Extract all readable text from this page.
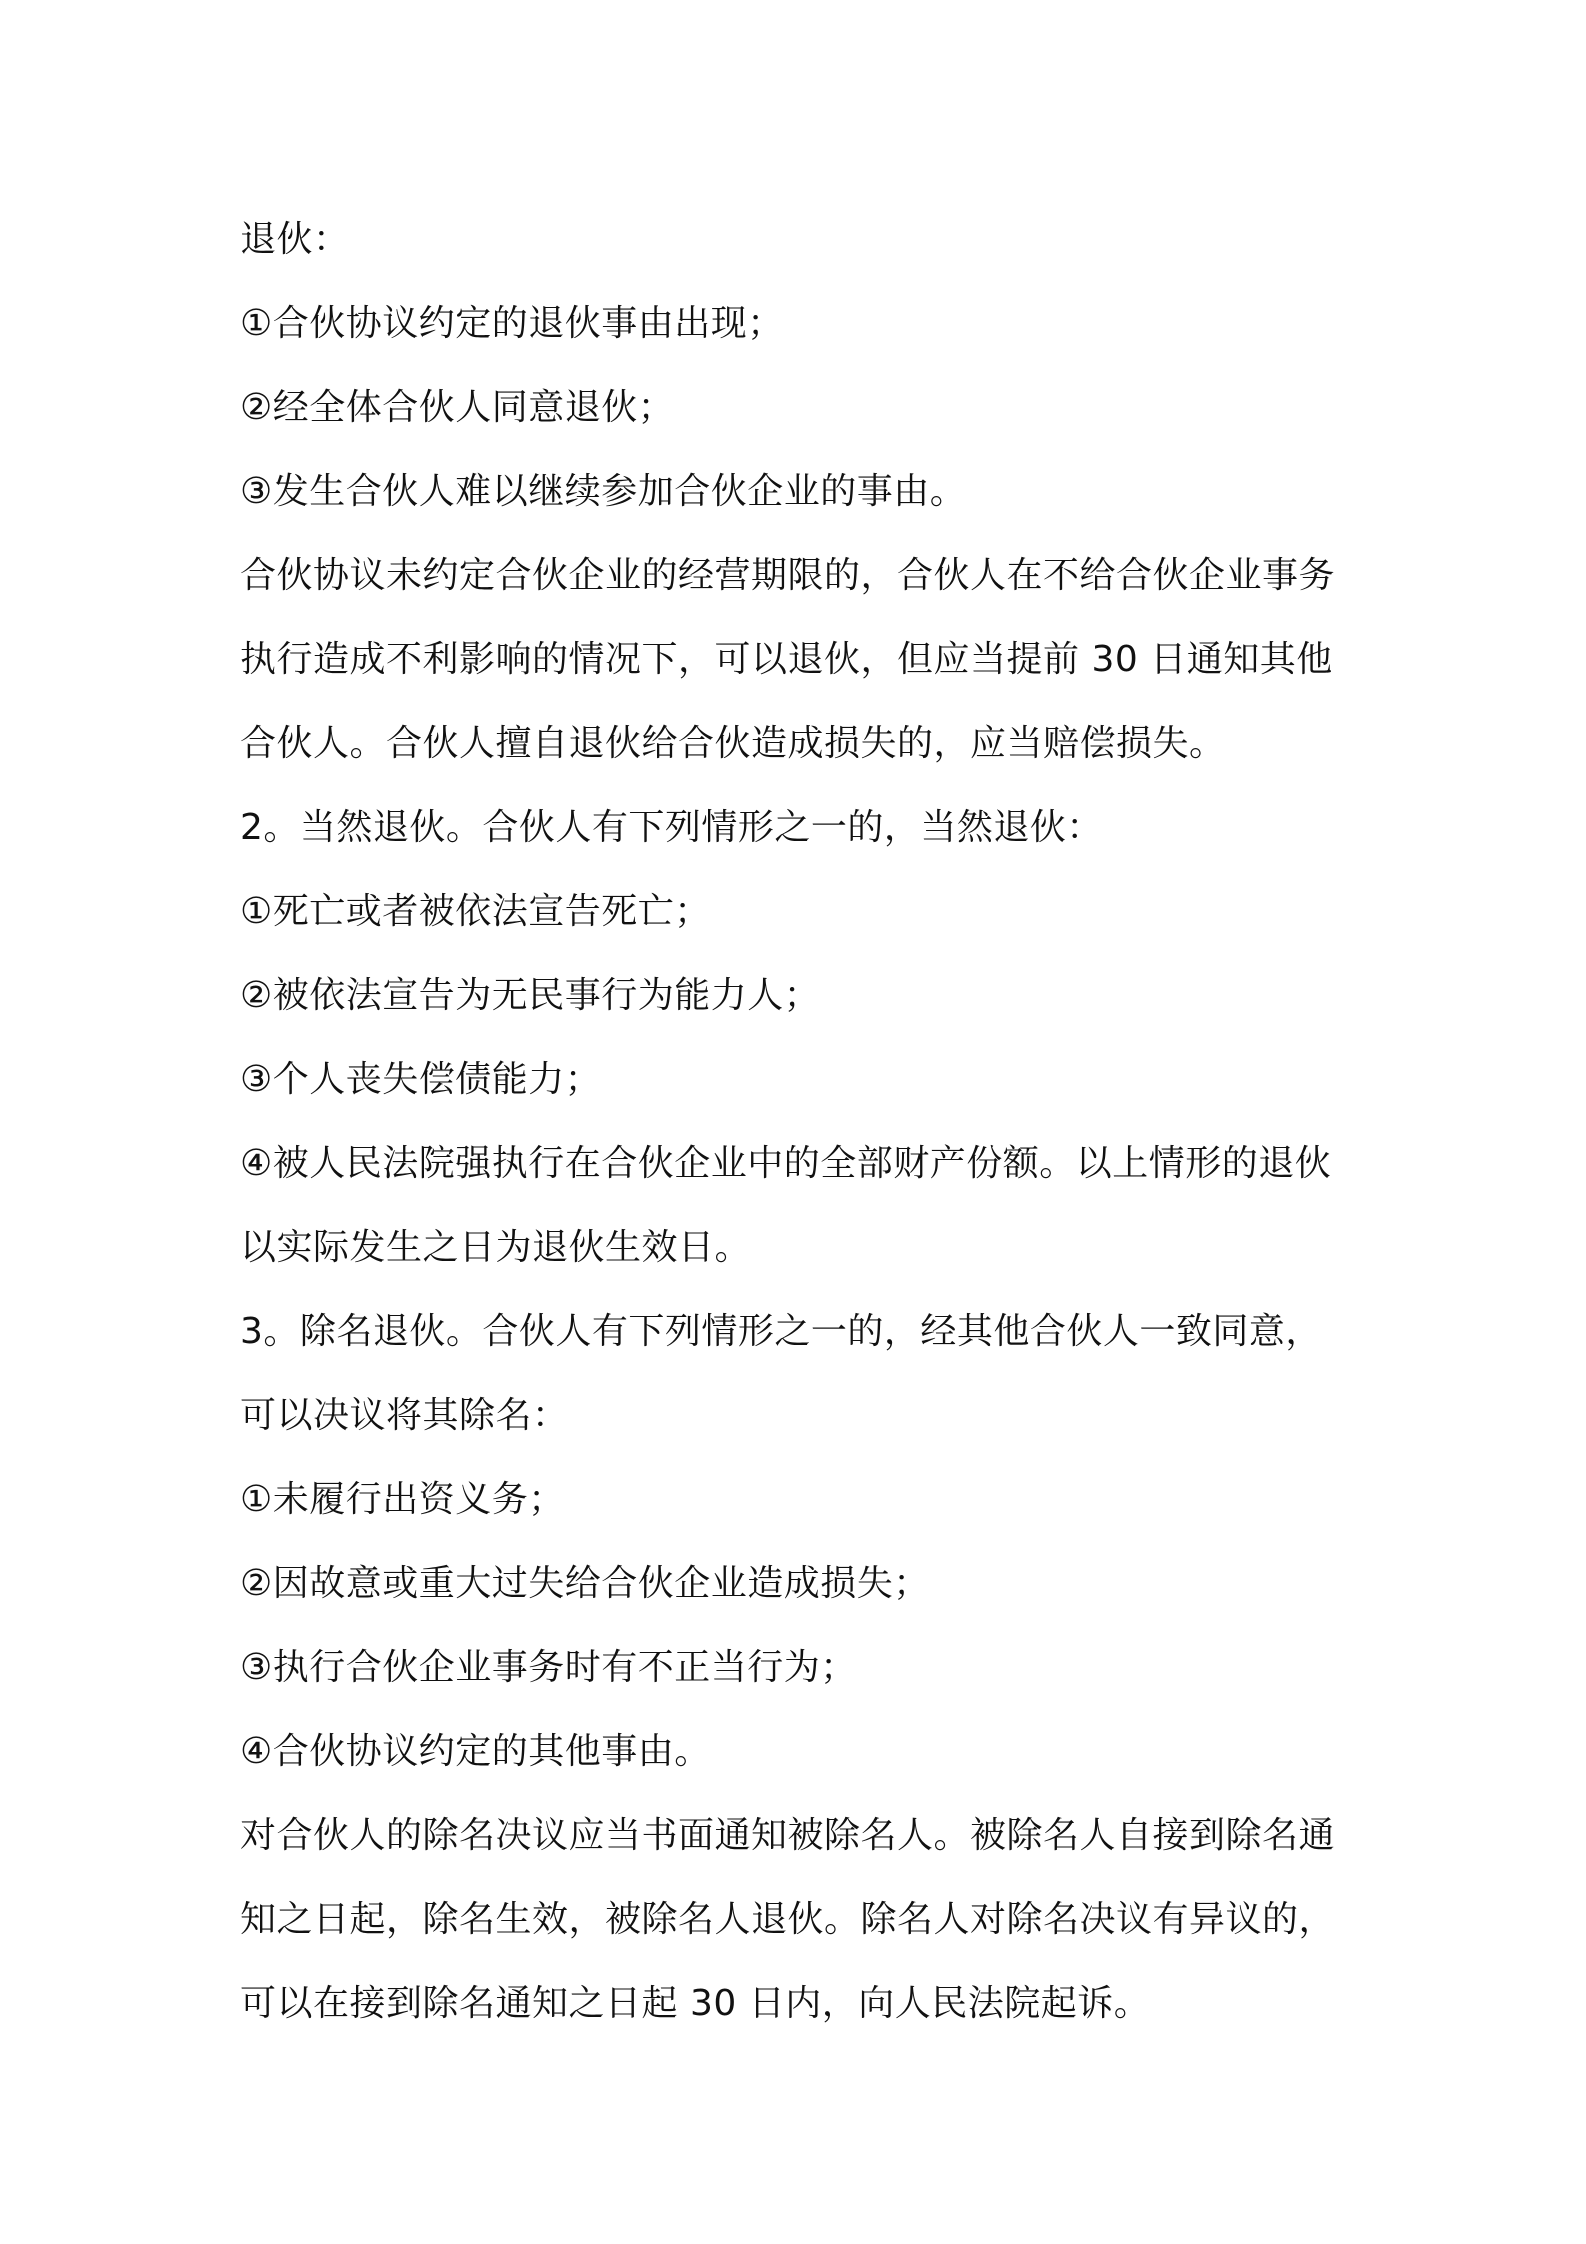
退伙：

①合伙协议约定的退伙事由出现；

②经全体合伙人同意退伙；

③发生合伙人难以继续参加合伙企业的事由。

合伙协议未约定合伙企业的经营期限的，合伙人在不给合伙企业事务执行造成不利影响的情况下，可以退伙，但应当提前 30 日通知其他合伙人。合伙人擅自退伙给合伙造成损失的，应当赔偿损失。

2。当然退伙。合伙人有下列情形之一的，当然退伙：

①死亡或者被依法宣告死亡；

②被依法宣告为无民事行为能力人；

③个人丧失偿债能力；

④被人民法院强执行在合伙企业中的全部财产份额。以上情形的退伙以实际发生之日为退伙生效日。

3。除名退伙。合伙人有下列情形之一的，经其他合伙人一致同意，可以决议将其除名：

①未履行出资义务；

②因故意或重大过失给合伙企业造成损失；

③执行合伙企业事务时有不正当行为；

④合伙协议约定的其他事由。

对合伙人的除名决议应当书面通知被除名人。被除名人自接到除名通知之日起，除名生效，被除名人退伙。除名人对除名决议有异议的，可以在接到除名通知之日起 30 日内，向人民法院起诉。
